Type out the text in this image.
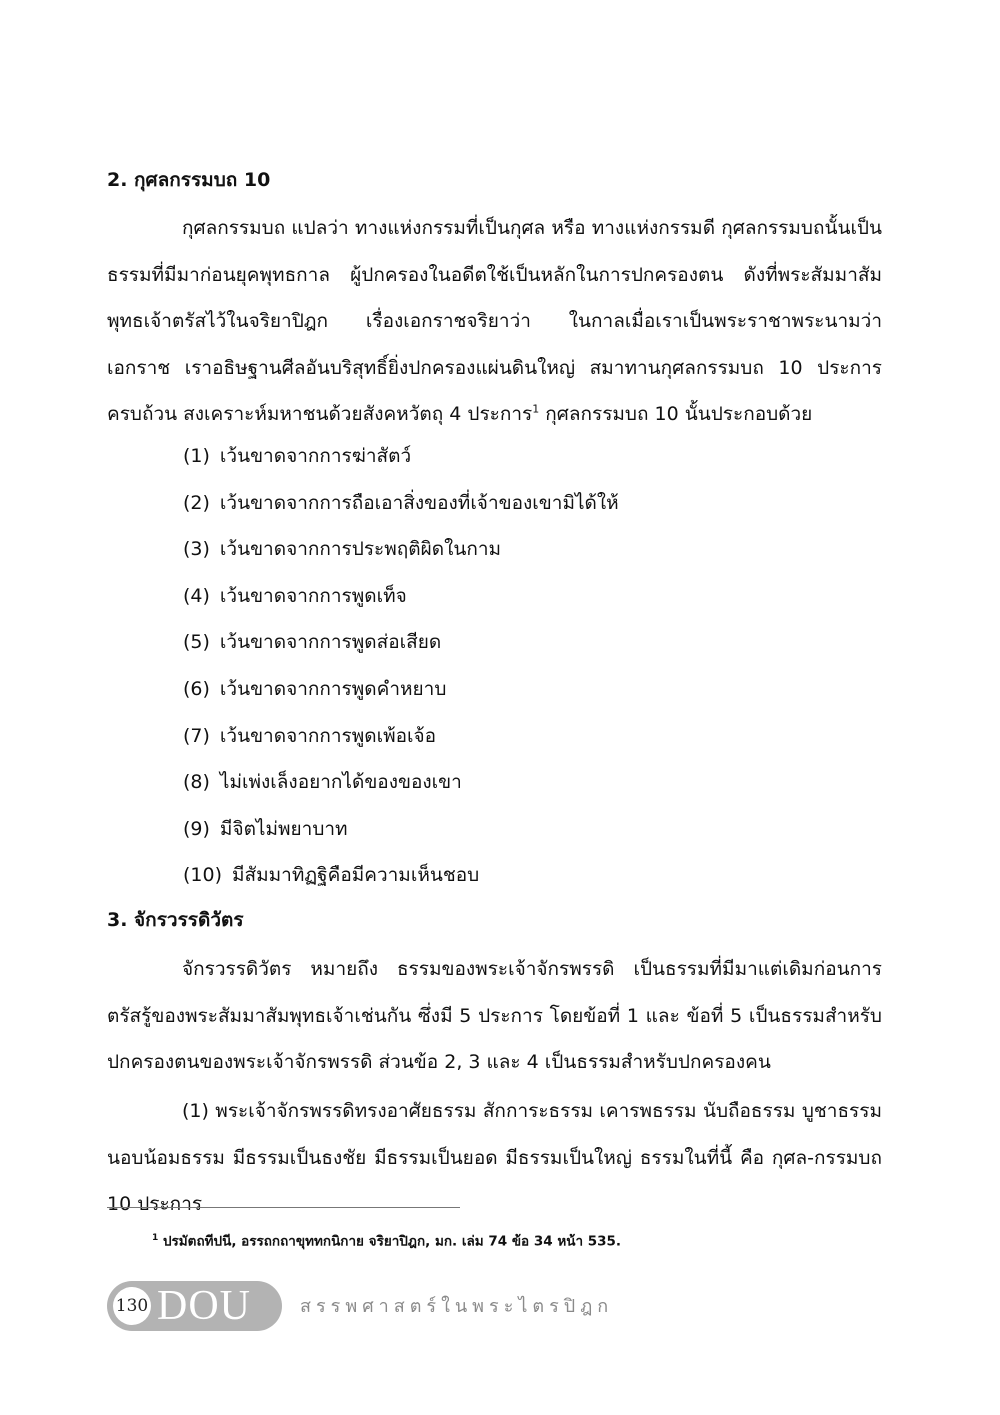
2. กุศลกรรมบถ 10

กุศลกรรมบถ แปลว่า ทางแห่งกรรมที่เป็นกุศล หรือ ทางแห่งกรรมดี กุศลกรรมบถนั้นเป็นธรรมที่มีมาก่อนยุคพุทธกาล ผู้ปกครองในอดีตใช้เป็นหลักในการปกครองตน ดังที่พระสัมมาสัมพุทธเจ้าตรัสไว้ในจริยาปิฎก เรื่องเอกราชจริยาว่า ในกาลเมื่อเราเป็นพระราชาพระนามว่า เอกราช เราอธิษฐานศีลอันบริสุทธิ์ยิ่งปกครองแผ่นดินใหญ่ สมาทานกุศลกรรมบถ 10 ประการครบถ้วน สงเคราะห์มหาชนด้วยสังคหวัตถุ 4 ประการ$^1$ กุศลกรรมบถ 10 นั้นประกอบด้วย

(1) เว้นขาดจากการฆ่าสัตว์
(2) เว้นขาดจากการถือเอาสิ่งของที่เจ้าของเขามิได้ให้
(3) เว้นขาดจากการประพฤติผิดในกาม
(4) เว้นขาดจากการพูดเท็จ
(5) เว้นขาดจากการพูดส่อเสียด
(6) เว้นขาดจากการพูดคำหยาบ
(7) เว้นขาดจากการพูดเพ้อเจ้อ
(8) ไม่เพ่งเล็งอยากได้ของของเขา
(9) มีจิตไม่พยาบาท
(10) มีสัมมาทิฏฐิคือมีความเห็นชอบ
3. จักรวรรดิวัตร

จักรวรรดิวัตร หมายถึง ธรรมของพระเจ้าจักรพรรดิ เป็นธรรมที่มีมาแต่เดิมก่อนการตรัสรู้ของพระสัมมาสัมพุทธเจ้าเช่นกัน ซึ่งมี 5 ประการ โดยข้อที่ 1 และ ข้อที่ 5 เป็นธรรมสำหรับปกครองตนของพระเจ้าจักรพรรดิ ส่วนข้อ 2, 3 และ 4 เป็นธรรมสำหรับปกครองคน

(1) พระเจ้าจักรพรรดิทรงอาศัยธรรม สักการะธรรม เคารพธรรม นับถือธรรม บูชาธรรม นอบน้อมธรรม มีธรรมเป็นธงชัย มีธรรมเป็นยอด มีธรรมเป็นใหญ่ ธรรมในที่นี้ คือ กุศล-กรรมบถ 10 ประการ

$^1$ ปรมัตถทีปนี, อรรถกถาขุททกนิกาย จริยาปิฎก, มก. เล่ม 74 ข้อ 34 หน้า 535.

130 DOU	สรรพศาสตร์ในพระไตรปิฎก
